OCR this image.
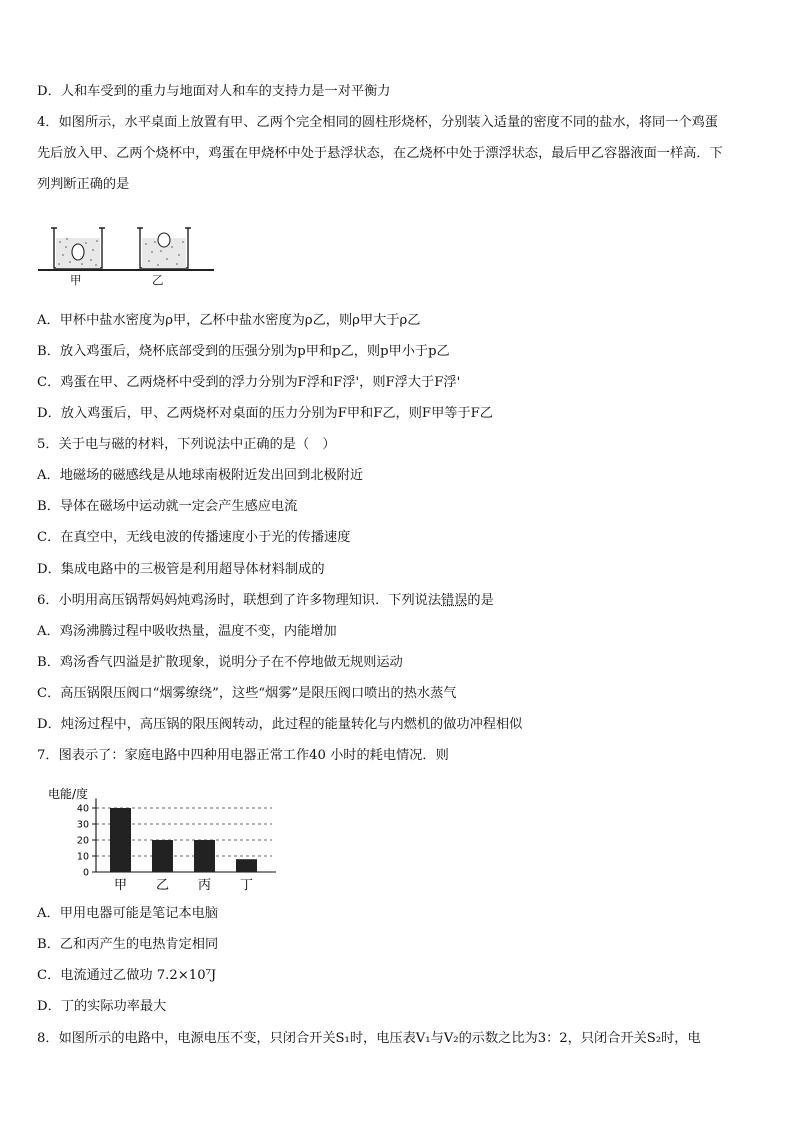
D．人和车受到的重力与地面对人和车的支持力是一对平衡力
4．如图所示，水平桌面上放置有甲、乙两个完全相同的圆柱形烧杯，分别装入适量的密度不同的盐水，将同一个鸡蛋
先后放入甲、乙两个烧杯中，鸡蛋在甲烧杯中处于悬浮状态，在乙烧杯中处于漂浮状态，最后甲乙容器液面一样高．下
列判断正确的是
甲	乙
A．甲杯中盐水密度为ρ甲，乙杯中盐水密度为ρ乙，则ρ甲大于ρ乙
B．放入鸡蛋后，烧杯底部受到的压强分别为p甲和p乙，则p甲小于p乙
C．鸡蛋在甲、乙两烧杯中受到的浮力分别为F浮和F浮'，则F浮大于F浮'
D．放入鸡蛋后，甲、乙两烧杯对桌面的压力分别为F甲和F乙，则F甲等于F乙
5．关于电与磁的材料，下列说法中正确的是（　）
A．地磁场的磁感线是从地球南极附近发出回到北极附近
B．导体在磁场中运动就一定会产生感应电流
C．在真空中，无线电波的传播速度小于光的传播速度
D．集成电路中的三极管是利用超导体材料制成的
6．小明用高压锅帮妈妈炖鸡汤时，联想到了许多物理知识．下列说法错误的是
A．鸡汤沸腾过程中吸收热量，温度不变，内能增加
B．鸡汤香气四溢是扩散现象，说明分子在不停地做无规则运动
C．高压锅限压阀口“烟雾缭绕”，这些“烟雾”是限压阀口喷出的热水蒸气
D．炖汤过程中，高压锅的限压阀转动，此过程的能量转化与内燃机的做功冲程相似
7．图表示了：家庭电路中四种用电器正常工作40 小时的耗电情况．则
电能/度
0
10
20
30
40
甲 乙 丙 丁
A．甲用电器可能是笔记本电脑
B．乙和丙产生的电热肯定相同
C．电流通过乙做功 7.2×10⁷J
D．丁的实际功率最大
8．如图所示的电路中，电源电压不变，只闭合开关S₁时，电压表V₁与V₂的示数之比为3：2，只闭合开关S₂时，电
